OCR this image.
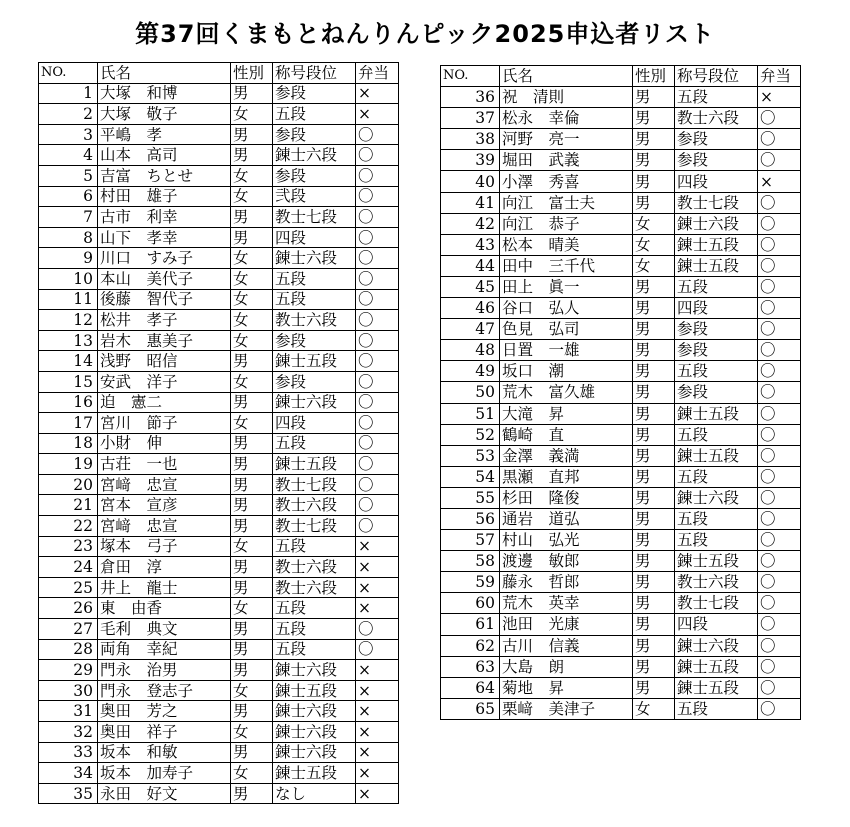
第37回くまもとねんりんピック2025申込者リスト
NO.	氏名	性別	称号段位	弁当
1	大塚　和博	男	参段	×
2	大塚　敬子	女	五段	×
3	平嶋　孝	男	参段	〇
4	山本　高司	男	錬士六段	〇
5	吉富　ちとせ	女	参段	〇
6	村田　雄子	女	弐段	〇
7	古市　利幸	男	教士七段	〇
8	山下　孝幸	男	四段	〇
9	川口　すみ子	女	錬士六段	〇
10	本山　美代子	女	五段	〇
11	後藤　智代子	女	五段	〇
12	松井　孝子	女	教士六段	〇
13	岩木　惠美子	女	参段	〇
14	浅野　昭信	男	錬士五段	〇
15	安武　洋子	女	参段	〇
16	迫　憲二	男	錬士六段	〇
17	宮川　節子	女	四段	〇
18	小財　伸	男	五段	〇
19	古荘　一也	男	錬士五段	〇
20	宮﨑　忠宣	男	教士七段	〇
21	宮本　宣彦	男	教士六段	〇
22	宮﨑　忠宣	男	教士七段	〇
23	塚本　弓子	女	五段	×
24	倉田　淳	男	教士六段	×
25	井上　龍士	男	教士六段	×
26	東　由香	女	五段	×
27	毛利　典文	男	五段	〇
28	両角　幸紀	男	五段	〇
29	門永　治男	男	錬士六段	×
30	門永　登志子	女	錬士五段	×
31	奥田　芳之	男	錬士六段	×
32	奥田　祥子	女	錬士六段	×
33	坂本　和敏	男	錬士六段	×
34	坂本　加寿子	女	錬士五段	×
35	永田　好文	男	なし	×
NO.	氏名	性別	称号段位	弁当
36	祝　清則	男	五段	×
37	松永　幸倫	男	教士六段	〇
38	河野　亮一	男	参段	〇
39	堀田　武義	男	参段	〇
40	小澤　秀喜	男	四段	×
41	向江　富士夫	男	教士七段	〇
42	向江　恭子	女	錬士六段	〇
43	松本　晴美	女	錬士五段	〇
44	田中　三千代	女	錬士五段	〇
45	田上　眞一	男	五段	〇
46	谷口　弘人	男	四段	〇
47	色見　弘司	男	参段	〇
48	日置　一雄	男	参段	〇
49	坂口　潮	男	五段	〇
50	荒木　富久雄	男	参段	〇
51	大滝　昇	男	錬士五段	〇
52	鶴崎　直	男	五段	〇
53	金澤　義満	男	錬士五段	〇
54	黒瀬　直邦	男	五段	〇
55	杉田　隆俊	男	錬士六段	〇
56	通岩　道弘	男	五段	〇
57	村山　弘光	男	五段	〇
58	渡邊　敏郎	男	錬士五段	〇
59	藤永　哲郎	男	教士六段	〇
60	荒木　英幸	男	教士七段	〇
61	池田　光康	男	四段	〇
62	古川　信義	男	錬士六段	〇
63	大島　朗	男	錬士五段	〇
64	菊地　昇	男	錬士五段	〇
65	栗﨑　美津子	女	五段	〇
